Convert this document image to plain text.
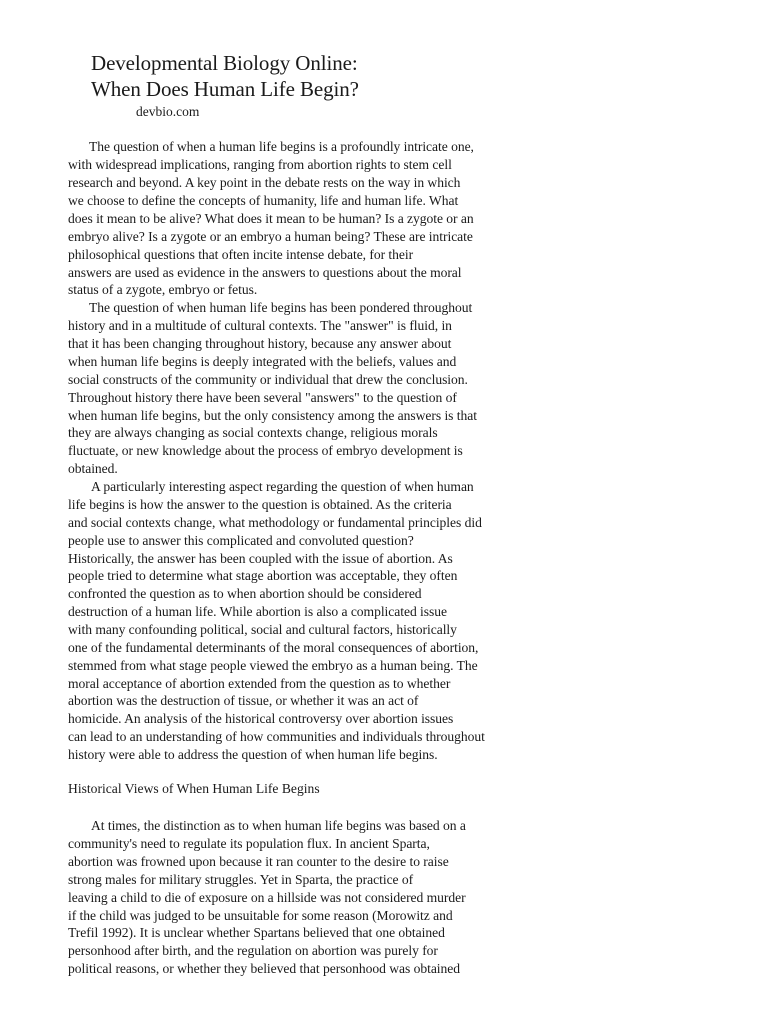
Developmental Biology Online:
When Does Human Life Begin?
devbio.com
The question of when a human life begins is a profoundly intricate one,
with widespread implications, ranging from abortion rights to stem cell
research and beyond. A key point in the debate rests on the way in which
we choose to define the concepts of humanity, life and human life. What
does it mean to be alive? What does it mean to be human? Is a zygote or an
embryo alive? Is a zygote or an embryo a human being? These are intricate
philosophical questions that often incite intense debate, for their
answers are used as evidence in the answers to questions about the moral
status of a zygote, embryo or fetus.
The question of when human life begins has been pondered throughout
history and in a multitude of cultural contexts. The "answer" is fluid, in
that it has been changing throughout history, because any answer about
when human life begins is deeply integrated with the beliefs, values and
social constructs of the community or individual that drew the conclusion.
Throughout history there have been several "answers" to the question of
when human life begins, but the only consistency among the answers is that
they are always changing as social contexts change, religious morals
fluctuate, or new knowledge about the process of embryo development is
obtained.
A particularly interesting aspect regarding the question of when human
life begins is how the answer to the question is obtained. As the criteria
and social contexts change, what methodology or fundamental principles did
people use to answer this complicated and convoluted question?
Historically, the answer has been coupled with the issue of abortion. As
people tried to determine what stage abortion was acceptable, they often
confronted the question as to when abortion should be considered
destruction of a human life. While abortion is also a complicated issue
with many confounding political, social and cultural factors, historically
one of the fundamental determinants of the moral consequences of abortion,
stemmed from what stage people viewed the embryo as a human being. The
moral acceptance of abortion extended from the question as to whether
abortion was the destruction of tissue, or whether it was an act of
homicide. An analysis of the historical controversy over abortion issues
can lead to an understanding of how communities and individuals throughout
history were able to address the question of when human life begins.
Historical Views of When Human Life Begins
At times, the distinction as to when human life begins was based on a
community's need to regulate its population flux. In ancient Sparta,
abortion was frowned upon because it ran counter to the desire to raise
strong males for military struggles. Yet in Sparta, the practice of
leaving a child to die of exposure on a hillside was not considered murder
if the child was judged to be unsuitable for some reason (Morowitz and
Trefil 1992). It is unclear whether Spartans believed that one obtained
personhood after birth, and the regulation on abortion was purely for
political reasons, or whether they believed that personhood was obtained
